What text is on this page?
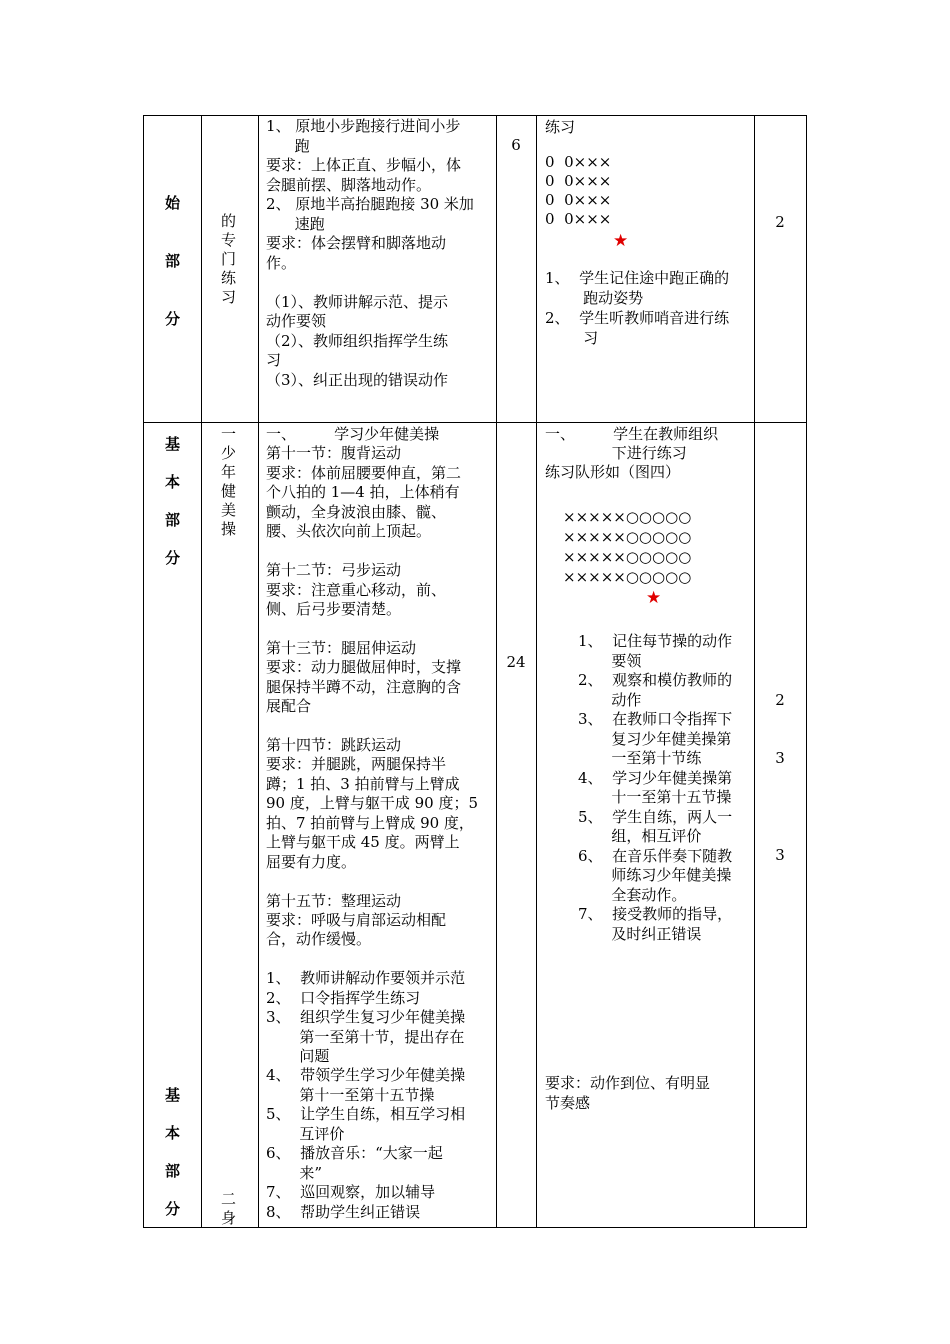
始
部
分
的专门练习
1、 原地小步跑接行进间小步
跑
要求：上体正直、步幅小，体
会腿前摆、脚落地动作。
2、 原地半高抬腿跑接 30 米加
速跑
要求：体会摆臂和脚落地动
作。
（1）、教师讲解示范、提示
动作要领
（2）、教师组织指挥学生练
习
（3）、纠正出现的错误动作
6
练习
0  0×××
0  0×××
0  0×××
0  0×××
★
1、  学生记住途中跑正确的
跑动姿势
2、  学生听教师哨音进行练
习
2
基
本
部
分
基
本
部
分
一少年健美操
二身
一、        学习少年健美操
第十一节：腹背运动
要求：体前屈腰要伸直，第二
个八拍的 1—4 拍，上体稍有
颤动，全身波浪由膝、髋、
腰、头依次向前上顶起。
第十二节：弓步运动
要求：注意重心移动，前、
侧、后弓步要清楚。
第十三节：腿屈伸运动
要求：动力腿做屈伸时，支撑
腿保持半蹲不动，注意胸的含
展配合
第十四节：跳跃运动
要求：并腿跳，两腿保持半
蹲；1 拍、3 拍前臂与上臂成
90 度，上臂与躯干成 90 度；5
拍、7 拍前臂与上臂成 90 度，
上臂与躯干成 45 度。两臂上
屈要有力度。
第十五节：整理运动
要求：呼吸与肩部运动相配
合，动作缓慢。
1、  教师讲解动作要领并示范
2、  口令指挥学生练习
3、  组织学生复习少年健美操
第一至第十节，提出存在
问题
4、  带领学生学习少年健美操
第十一至第十五节操
5、  让学生自练，相互学习相
互评价
6、  播放音乐：“大家一起
来”
7、  巡回观察，加以辅导
8、  帮助学生纠正错误
24
一、        学生在教师组织
下进行练习
练习队形如（图四）
×××××○○○○○
×××××○○○○○
×××××○○○○○
×××××○○○○○
★
1、  记住每节操的动作
要领
2、  观察和模仿教师的
动作
3、  在教师口令指挥下
复习少年健美操第
一至第十节练
4、  学习少年健美操第
十一至第十五节操
5、  学生自练，两人一
组，相互评价
6、  在音乐伴奏下随教
师练习少年健美操
全套动作。
7、  接受教师的指导，
及时纠正错误
要求：动作到位、有明显
节奏感
2
3
3
